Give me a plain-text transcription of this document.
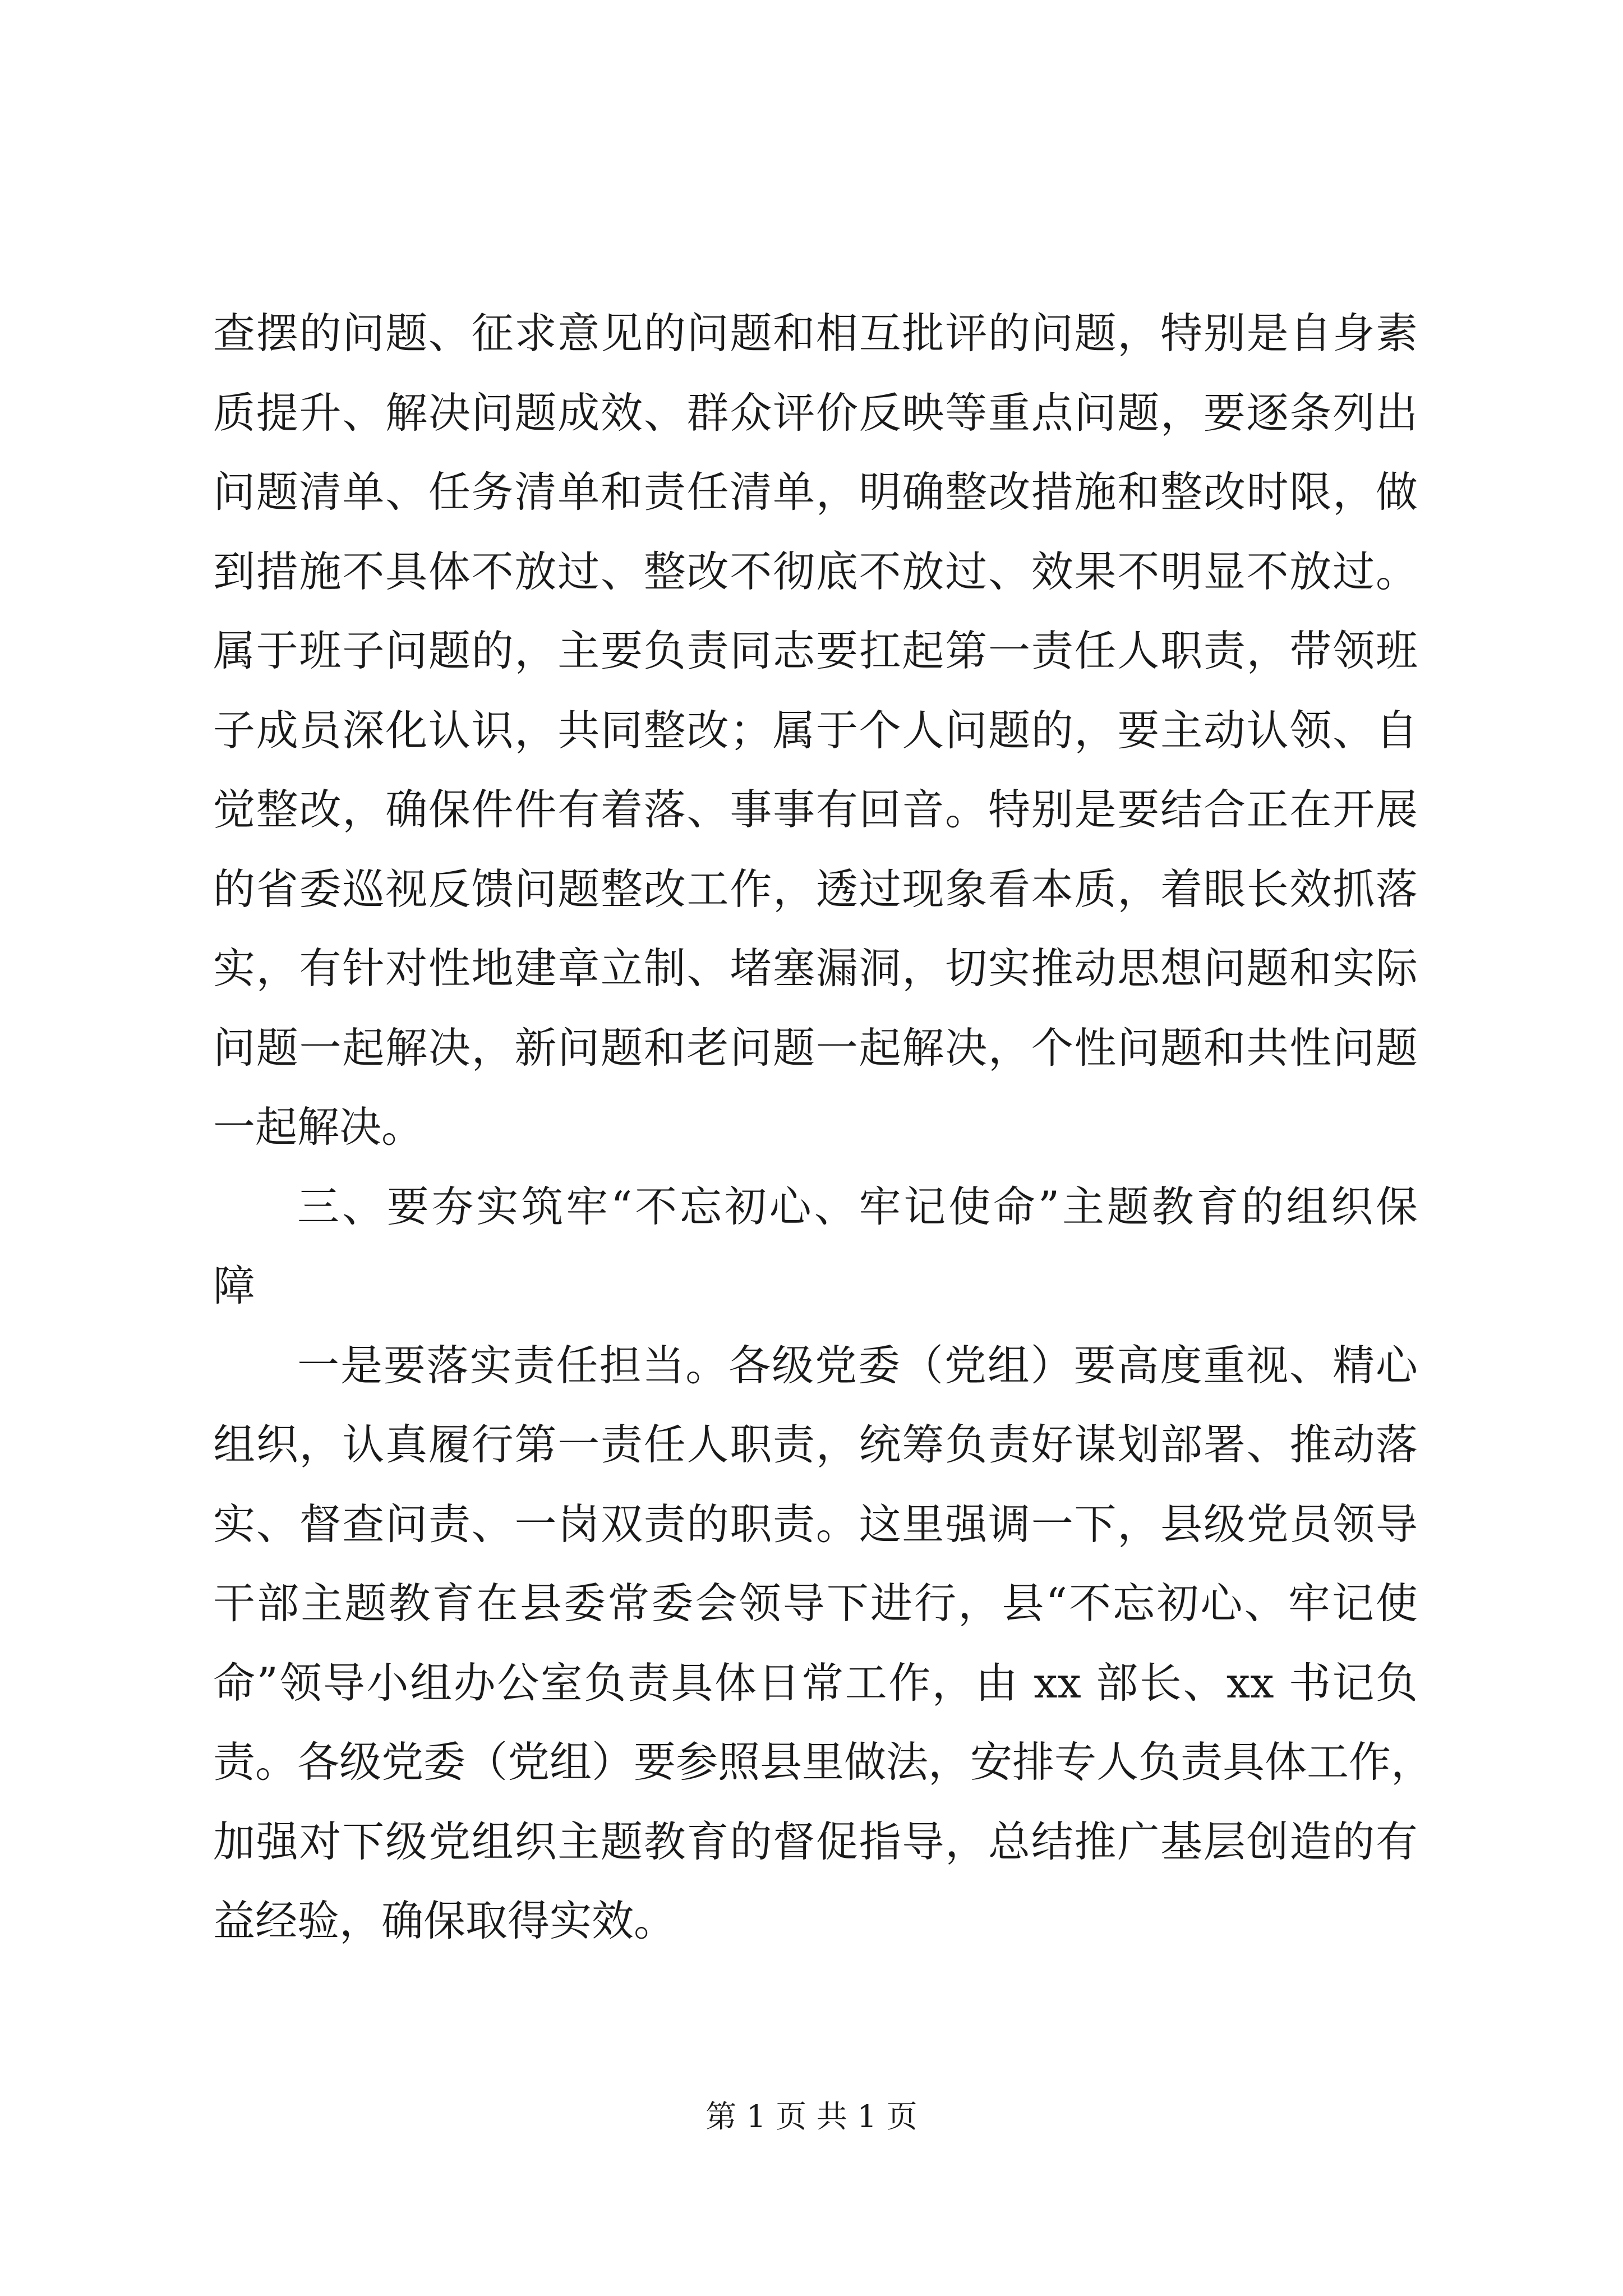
查摆的问题、征求意见的问题和相互批评的问题，特别是自身素
质提升、解决问题成效、群众评价反映等重点问题，要逐条列出
问题清单、任务清单和责任清单，明确整改措施和整改时限，做
到措施不具体不放过、整改不彻底不放过、效果不明显不放过。
属于班子问题的，主要负责同志要扛起第一责任人职责，带领班
子成员深化认识，共同整改；属于个人问题的，要主动认领、自
觉整改，确保件件有着落、事事有回音。特别是要结合正在开展
的省委巡视反馈问题整改工作，透过现象看本质，着眼长效抓落
实，有针对性地建章立制、堵塞漏洞，切实推动思想问题和实际
问题一起解决，新问题和老问题一起解决，个性问题和共性问题
一起解决。

三、要夯实筑牢“不忘初心、牢记使命”主题教育的组织保
障

一是要落实责任担当。各级党委（党组）要高度重视、精心
组织，认真履行第一责任人职责，统筹负责好谋划部署、推动落
实、督查问责、一岗双责的职责。这里强调一下，县级党员领导
干部主题教育在县委常委会领导下进行，县“不忘初心、牢记使
命”领导小组办公室负责具体日常工作，由 xx 部长、xx 书记负
责。各级党委（党组）要参照县里做法，安排专人负责具体工作，
加强对下级党组织主题教育的督促指导，总结推广基层创造的有
益经验，确保取得实效。

第 1 页 共 1 页
